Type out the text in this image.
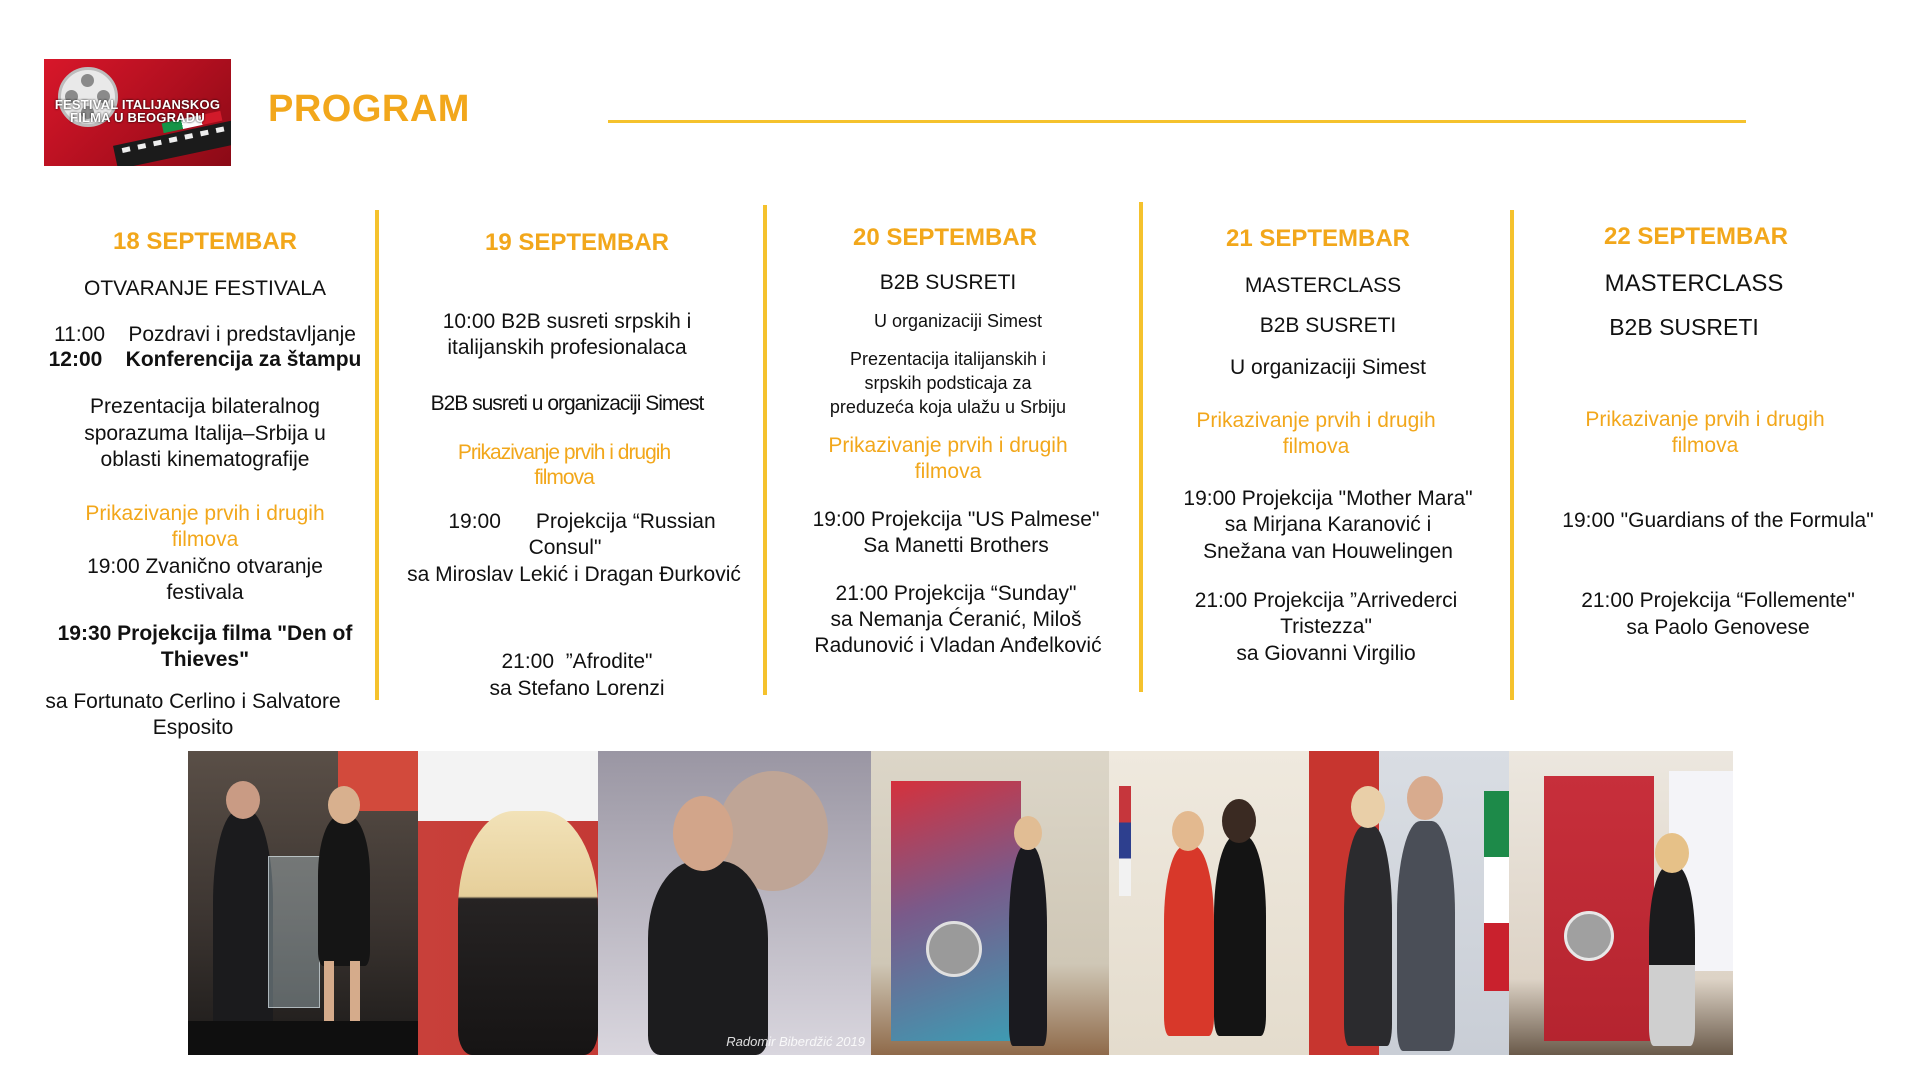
FESTIVAL ITALIJANSKOG
FILMA U BEOGRADU	PROGRAM
18 SEPTEMBAR
OTVARANJE FESTIVALA
11:00    Pozdravi i predstavljanje
12:00    Konferencija za štampu
Prezentacija bilateralnog
sporazuma Italija–Srbija u
oblasti kinematografije
Prikazivanje prvih i drugih
filmova
19:00 Zvanično otvaranje
festivala
19:30 Projekcija filma "Den of
Thieves"
sa Fortunato Cerlino i Salvatore
Esposito
19 SEPTEMBAR
10:00 B2B susreti srpskih i
italijanskih profesionalaca
B2B susreti u organizaciji Simest
Prikazivanje prvih i drugih
filmova
19:00      Projekcija “Russian
Consul"
sa Miroslav Lekić i Dragan Đurković
21:00  ”Afrodite"
sa Stefano Lorenzi
20 SEPTEMBAR
B2B SUSRETI
U organizaciji Simest
Prezentacija italijanskih i
srpskih podsticaja za
preduzeća koja ulažu u Srbiju
Prikazivanje prvih i drugih
filmova
19:00 Projekcija "US Palmese"
Sa Manetti Brothers
21:00 Projekcija “Sunday"
sa Nemanja Ćeranić, Miloš
Radunović i Vladan Anđelković
21 SEPTEMBAR
MASTERCLASS
B2B SUSRETI
U organizaciji Simest
Prikazivanje prvih i drugih
filmova
19:00 Projekcija "Mother Mara"
sa Mirjana Karanović i
Snežana van Houwelingen
21:00 Projekcija ”Arrivederci
Tristezza"
sa Giovanni Virgilio
22 SEPTEMBAR
MASTERCLASS
B2B SUSRETI
Prikazivanje prvih i drugih
filmova
19:00 "Guardians of the Formula"
21:00 Projekcija “Follemente"
sa Paolo Genovese
Radomir Biberdžić 2019
